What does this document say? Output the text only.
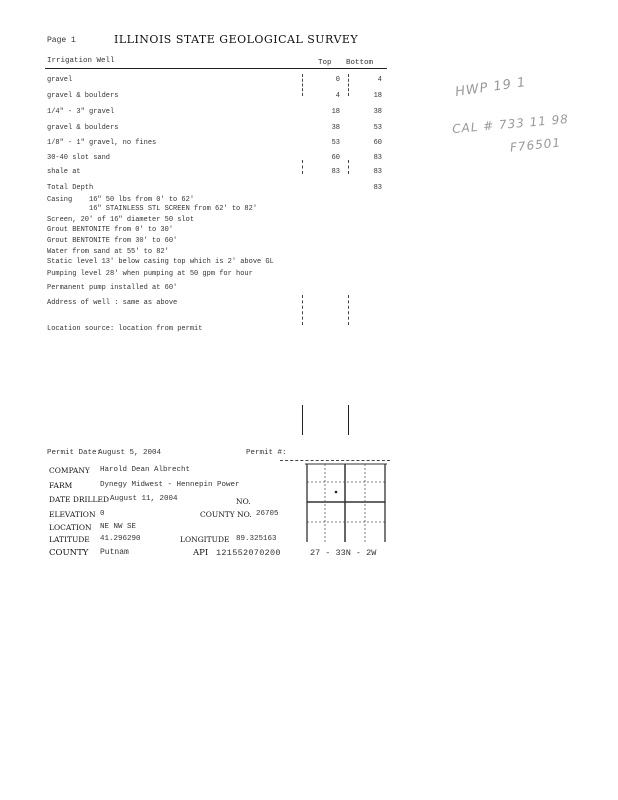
Page 1	ILLINOIS STATE GEOLOGICAL SURVEY
Irrigation Well	Top Bottom
HWP 19 1
CAL # 733 11 98
F76501
gravel	0	4
gravel & boulders	4	18
1/4" - 3" gravel	18	38
gravel & boulders	38	53
1/8" - 1" gravel, no fines	53	60
30-40 slot sand	60	83
shale at	83	83
Total Depth	83
Casing    16" 50 lbs from 0' to 62'
16" STAINLESS STL SCREEN from 62' to 82'
Screen, 20' of 16" diameter 50 slot
Grout BENTONITE from 0' to 30'
Grout BENTONITE from 30' to 60'
Water from sand at 55' to 82'
Static level 13' below casing top which is 2' above GL
Pumping level 28' when pumping at 50 gpm for hour
Permanent pump installed at 60'
Address of well : same as above
Location source: location from permit
Permit Date:
August 5, 2004	Permit #:
COMPANY Harold Dean Albrecht
FARM	Dynegy Midwest - Hennepin Power
DATE DRILLED August 11, 2004	NO.
ELEVATION 0	COUNTY NO. 26705
LOCATION NE NW SE
LATITUDE 41.296290	LONGITUDE 89.325163
COUNTY Putnam	API 121552070200	27 - 33N - 2W
